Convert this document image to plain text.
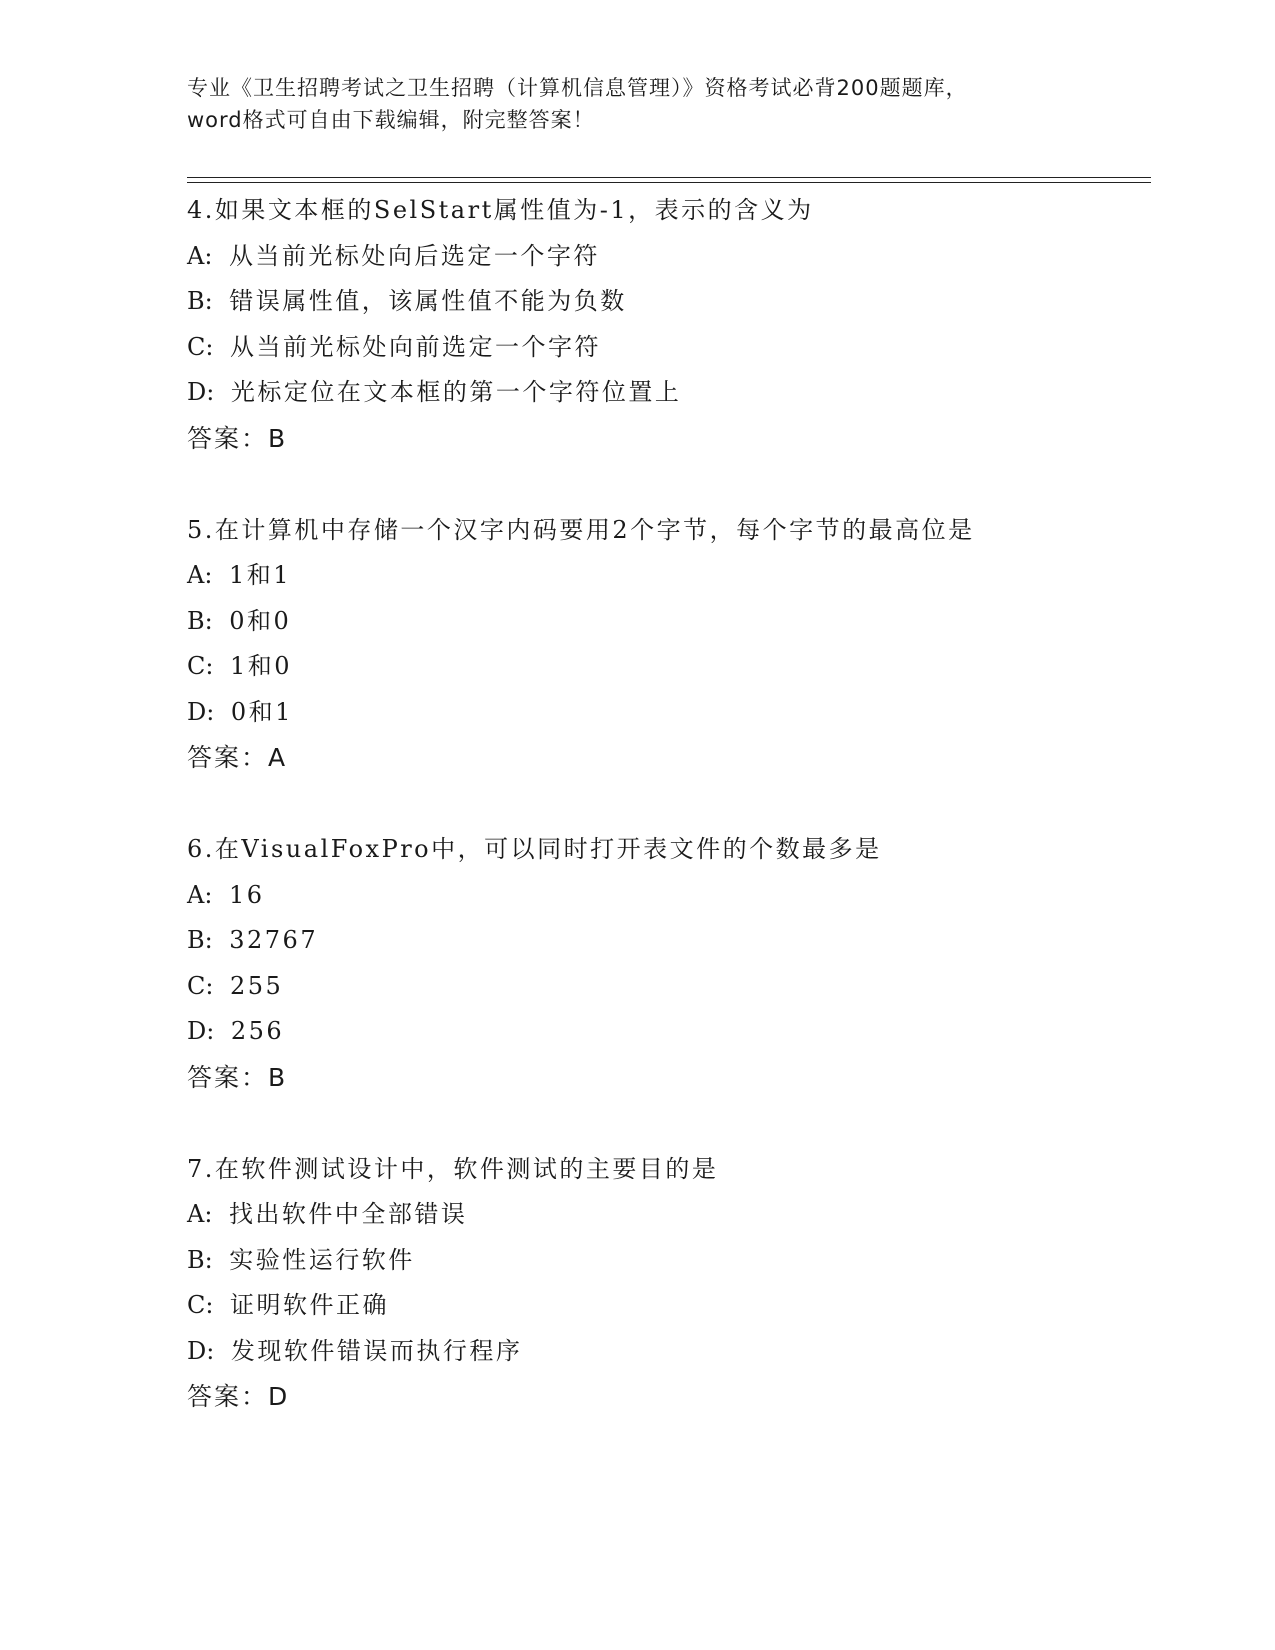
专业《卫生招聘考试之卫生招聘（计算机信息管理）》资格考试必背200题题库，
word格式可自由下载编辑，附完整答案！
4.如果文本框的SelStart属性值为-1，表示的含义为
A: 从当前光标处向后选定一个字符
B: 错误属性值，该属性值不能为负数
C: 从当前光标处向前选定一个字符
D: 光标定位在文本框的第一个字符位置上
答案：B
5.在计算机中存储一个汉字内码要用2个字节，每个字节的最高位是
A: 1和1
B: 0和0
C: 1和0
D: 0和1
答案：A
6.在VisualFoxPro中，可以同时打开表文件的个数最多是
A: 16
B: 32767
C: 255
D: 256
答案：B
7.在软件测试设计中，软件测试的主要目的是
A: 找出软件中全部错误
B: 实验性运行软件
C: 证明软件正确
D: 发现软件错误而执行程序
答案：D
